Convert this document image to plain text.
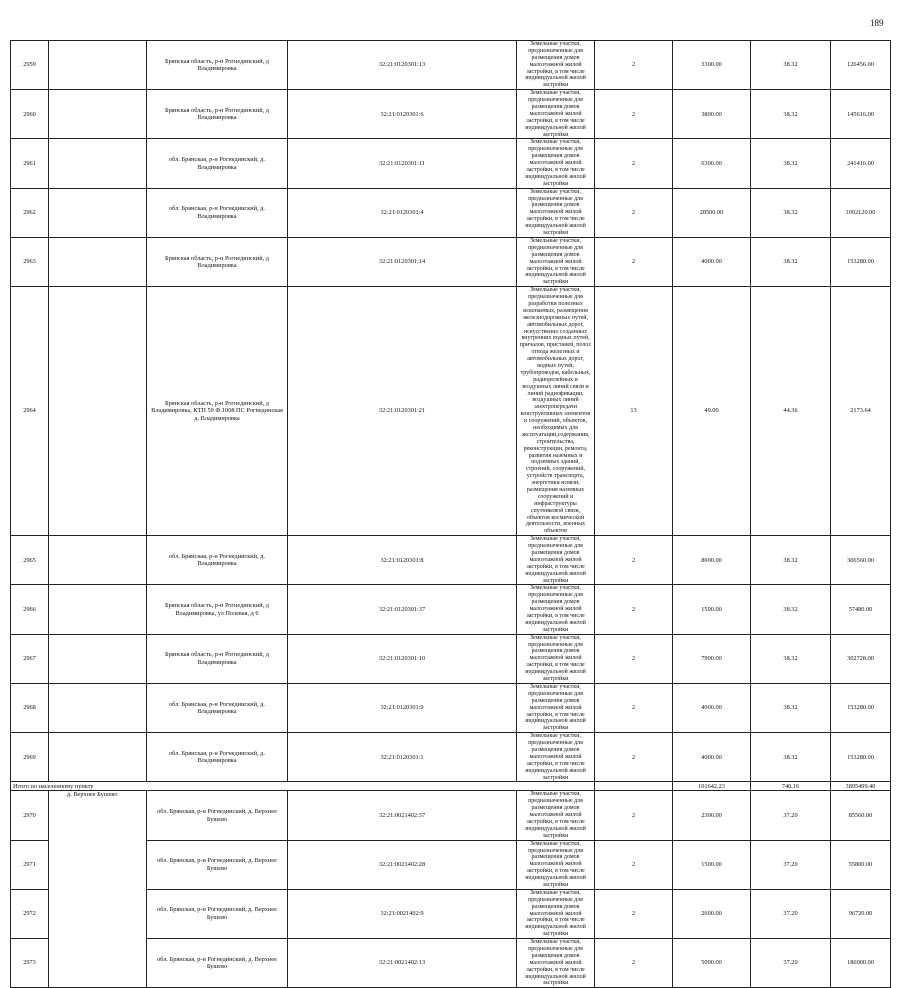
189
2959		Брянская область, р-н Рогнединский, д Владимировка	32:21:0120301:13	Земельные участки, предназначенные для размещения домов малоэтажной жилой застройки, в том числе индивидуальной жилой застройки	2	3300.00	38.32	126456.00
2960		Брянская область, р-н Рогнединский, д Владимировка	32:21:0120301:6	Земельные участки, предназначенные для размещения домов малоэтажной жилой застройки, в том числе индивидуальной жилой застройки	2	3800.00	38.32	145616.00
2961		обл. Брянская, р-н Рогнединский, д. Владимировка	32:21:0120301:11	Земельные участки, предназначенные для размещения домов малоэтажной жилой застройки, в том числе индивидуальной жилой застройки	2	6300.00	38.32	241416.00
2962		обл. Брянская, р-н Рогнединский, д. Владимировка	32:21:0120301:4	Земельные участки, предназначенные для размещения домов малоэтажной жилой застройки, в том числе индивидуальной жилой застройки	2	28500.00	38.32	1092120.00
2963		Брянская область, р-н Рогнединский, д Владимировка	32:21:0120301:14	Земельные участки, предназначенные для размещения домов малоэтажной жилой застройки, в том числе индивидуальной жилой застройки	2	4000.00	38.32	153280.00
2964		Брянская область, р-н Рогнединский, д Владимировка, КТП 59 Ф.1008 ПС Рогнединская д. Владимировка	32:21:0120301:21	Земельные участки, предназначенные для разработки полезных ископаемых, размещения железнодорожных путей, автомобильных дорог, искусственно созданных внутренних водных путей, причалов, пристаней, полос отвода железных и автомобильных дорог, водных путей, трубопроводов, кабельных, радиорелейных и воздушных линий связи и линий радиофикации, воздушных линий электропередачи конструктивных элементов и сооружений, объектов, необходимых для эксплуатации,содержания, строительства, реконструкции, ремонта, развития наземных и подземных зданий, строений, сооружений, устройств транспорта, энергетики исвязи; размещения наземных сооружений и инфраструктуры спутниковой связи, объектов космической деятельности, военных объектов	13	49.00	44.36	2173.64
2965		обл. Брянская, р-н Рогнединский, д. Владимировка	32:21:0120301:8	Земельные участки, предназначенные для размещения домов малоэтажной жилой застройки, в том числе индивидуальной жилой застройки	2	8000.00	38.32	306560.00
2966		Брянская область, р-н Рогнединский, д Владимировка, ул Полевая, д 6	32:21:0120301:37	Земельные участки, предназначенные для размещения домов малоэтажной жилой застройки, в том числе индивидуальной жилой застройки	2	1500.00	38.32	57480.00
2967		Брянская область, р-н Рогнединский, д Владимировка	32:21:0120301:10	Земельные участки, предназначенные для размещения домов малоэтажной жилой застройки, в том числе индивидуальной жилой застройки	2	7900.00	38.32	302728.00
2968		обл. Брянская, р-н Рогнединский, д. Владимировка	32:21:0120301:9	Земельные участки, предназначенные для размещения домов малоэтажной жилой застройки, в том числе индивидуальной жилой застройки	2	4000.00	38.32	153280.00
2969		обл. Брянская, р-н Рогнединский, д. Владимировка	32:21:0120301:1	Земельные участки, предназначенные для размещения домов малоэтажной жилой застройки, в том числе индивидуальной жилой застройки	2	4000.00	38.32	153280.00
Итого по населенному пункту						101642.23	740.16	3895499.40
2970	д. Верхнее Бушево	обл. Брянская, р-н Рогнединский, д. Верхнее Бушево	32:21:0021402:37	Земельные участки, предназначенные для размещения домов малоэтажной жилой застройки, в том числе индивидуальной жилой застройки	2	2300.00	37.20	85560.00
2971		обл. Брянская, р-н Рогнединский, д. Верхнее Бушево	32:21:0021402:28	Земельные участки, предназначенные для размещения домов малоэтажной жилой застройки, в том числе индивидуальной жилой застройки	2	1500.00	37.20	55800.00
2972		обл. Брянская, р-н Рогнединский, д. Верхнее Бушево	32:21:0021402:9	Земельные участки, предназначенные для размещения домов малоэтажной жилой застройки, в том числе индивидуальной жилой застройки	2	2600.00	37.20	96720.00
2973		обл. Брянская, р-н Рогнединский, д. Верхнее Бушево	32:21:0021402:13	Земельные участки, предназначенные для размещения домов малоэтажной жилой застройки, в том числе индивидуальной жилой застройки	2	5000.00	37.20	186000.00
